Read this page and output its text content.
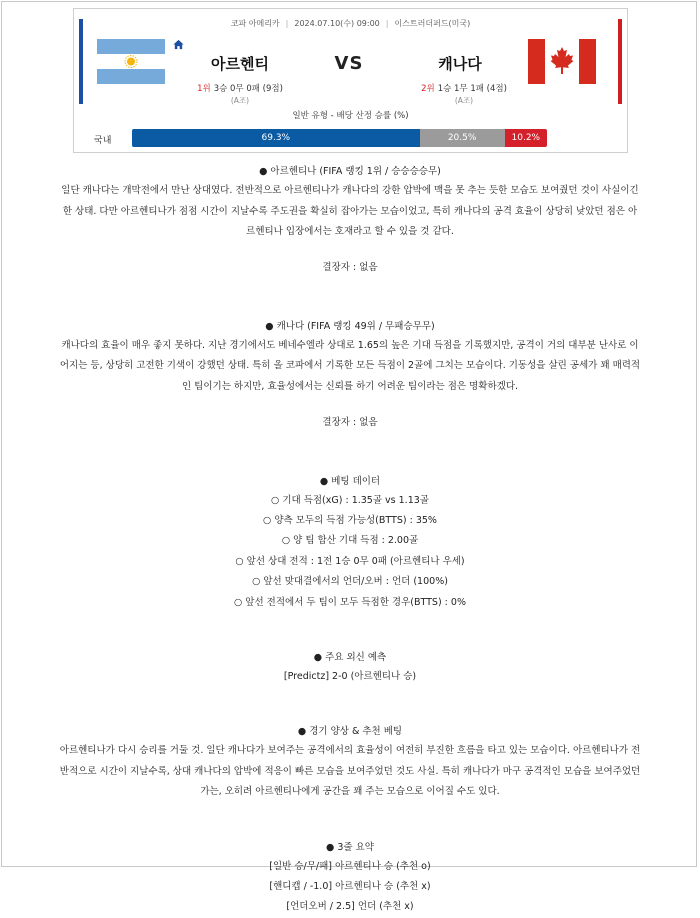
코파 아메리카 | 2024.07.10(수) 09:00 | 이스트러더퍼드(미국)
아르헨티	VS	캐나다
1위 3승 0무 0패 (9점)
(A조)
2위 1승 1무 1패 (4점)
(A조)
일반 유형 - 배당 산정 승률 (%)
국내	69.3%	20.5%	10.2%
● 아르헨티나 (FIFA 랭킹 1위 / 승승승승무)
일단 캐나다는 개막전에서 만난 상대였다. 전반적으로 아르헨티나가 캐나다의 강한 압박에 맥을 못 추는 듯한 모습도 보여줬던 것이 사실이긴
한 상태. 다만 아르헨티나가 점점 시간이 지날수록 주도권을 확실히 잡아가는 모습이었고, 특히 캐나다의 공격 효율이 상당히 낮았던 점은 아
르헨티나 입장에서는 호재라고 할 수 있을 것 같다.
결장자 : 없음
● 캐나다 (FIFA 랭킹 49위 / 무패승무무)
캐나다의 효율이 매우 좋지 못하다. 지난 경기에서도 베네수엘라 상대로 1.65의 높은 기대 득점을 기록했지만, 공격이 거의 대부분 난사로 이
어지는 등, 상당히 고전한 기색이 강했던 상태. 특히 올 코파에서 기록한 모든 득점이 2골에 그치는 모습이다. 기동성을 살린 공세가 꽤 매력적
인 팀이기는 하지만, 효율성에서는 신뢰를 하기 어려운 팀이라는 점은 명확하겠다.
결장자 : 없음
● 베팅 데이터
○ 기대 득점(xG) : 1.35골 vs 1.13골
○ 양측 모두의 득점 가능성(BTTS) : 35%
○ 양 팀 합산 기대 득점 : 2.00골
○ 앞선 상대 전적 : 1전 1승 0무 0패 (아르헨티나 우세)
○ 앞선 맞대결에서의 언더/오버 : 언더 (100%)
○ 앞선 전적에서 두 팀이 모두 득점한 경우(BTTS) : 0%
● 주요 외신 예측
[Predictz] 2-0 (아르헨티나 승)
● 경기 양상 & 추천 베팅
아르헨티나가 다시 승리를 거둘 것. 일단 캐나다가 보여주는 공격에서의 효율성이 여전히 부진한 흐름을 타고 있는 모습이다. 아르헨티나가 전
반적으로 시간이 지날수록, 상대 캐나다의 압박에 적응이 빠른 모습을 보여주었던 것도 사실. 특히 캐나다가 마구 공격적인 모습을 보여주었던
가는, 오히려 아르헨티나에게 공간을 꽤 주는 모습으로 이어질 수도 있다.
● 3줄 요약
[일반 승/무/패] 아르헨티나 승 (추천 o)
[핸디캡 / -1.0] 아르헨티나 승 (추천 x)
[언더오버 / 2.5] 언더 (추천 x)
